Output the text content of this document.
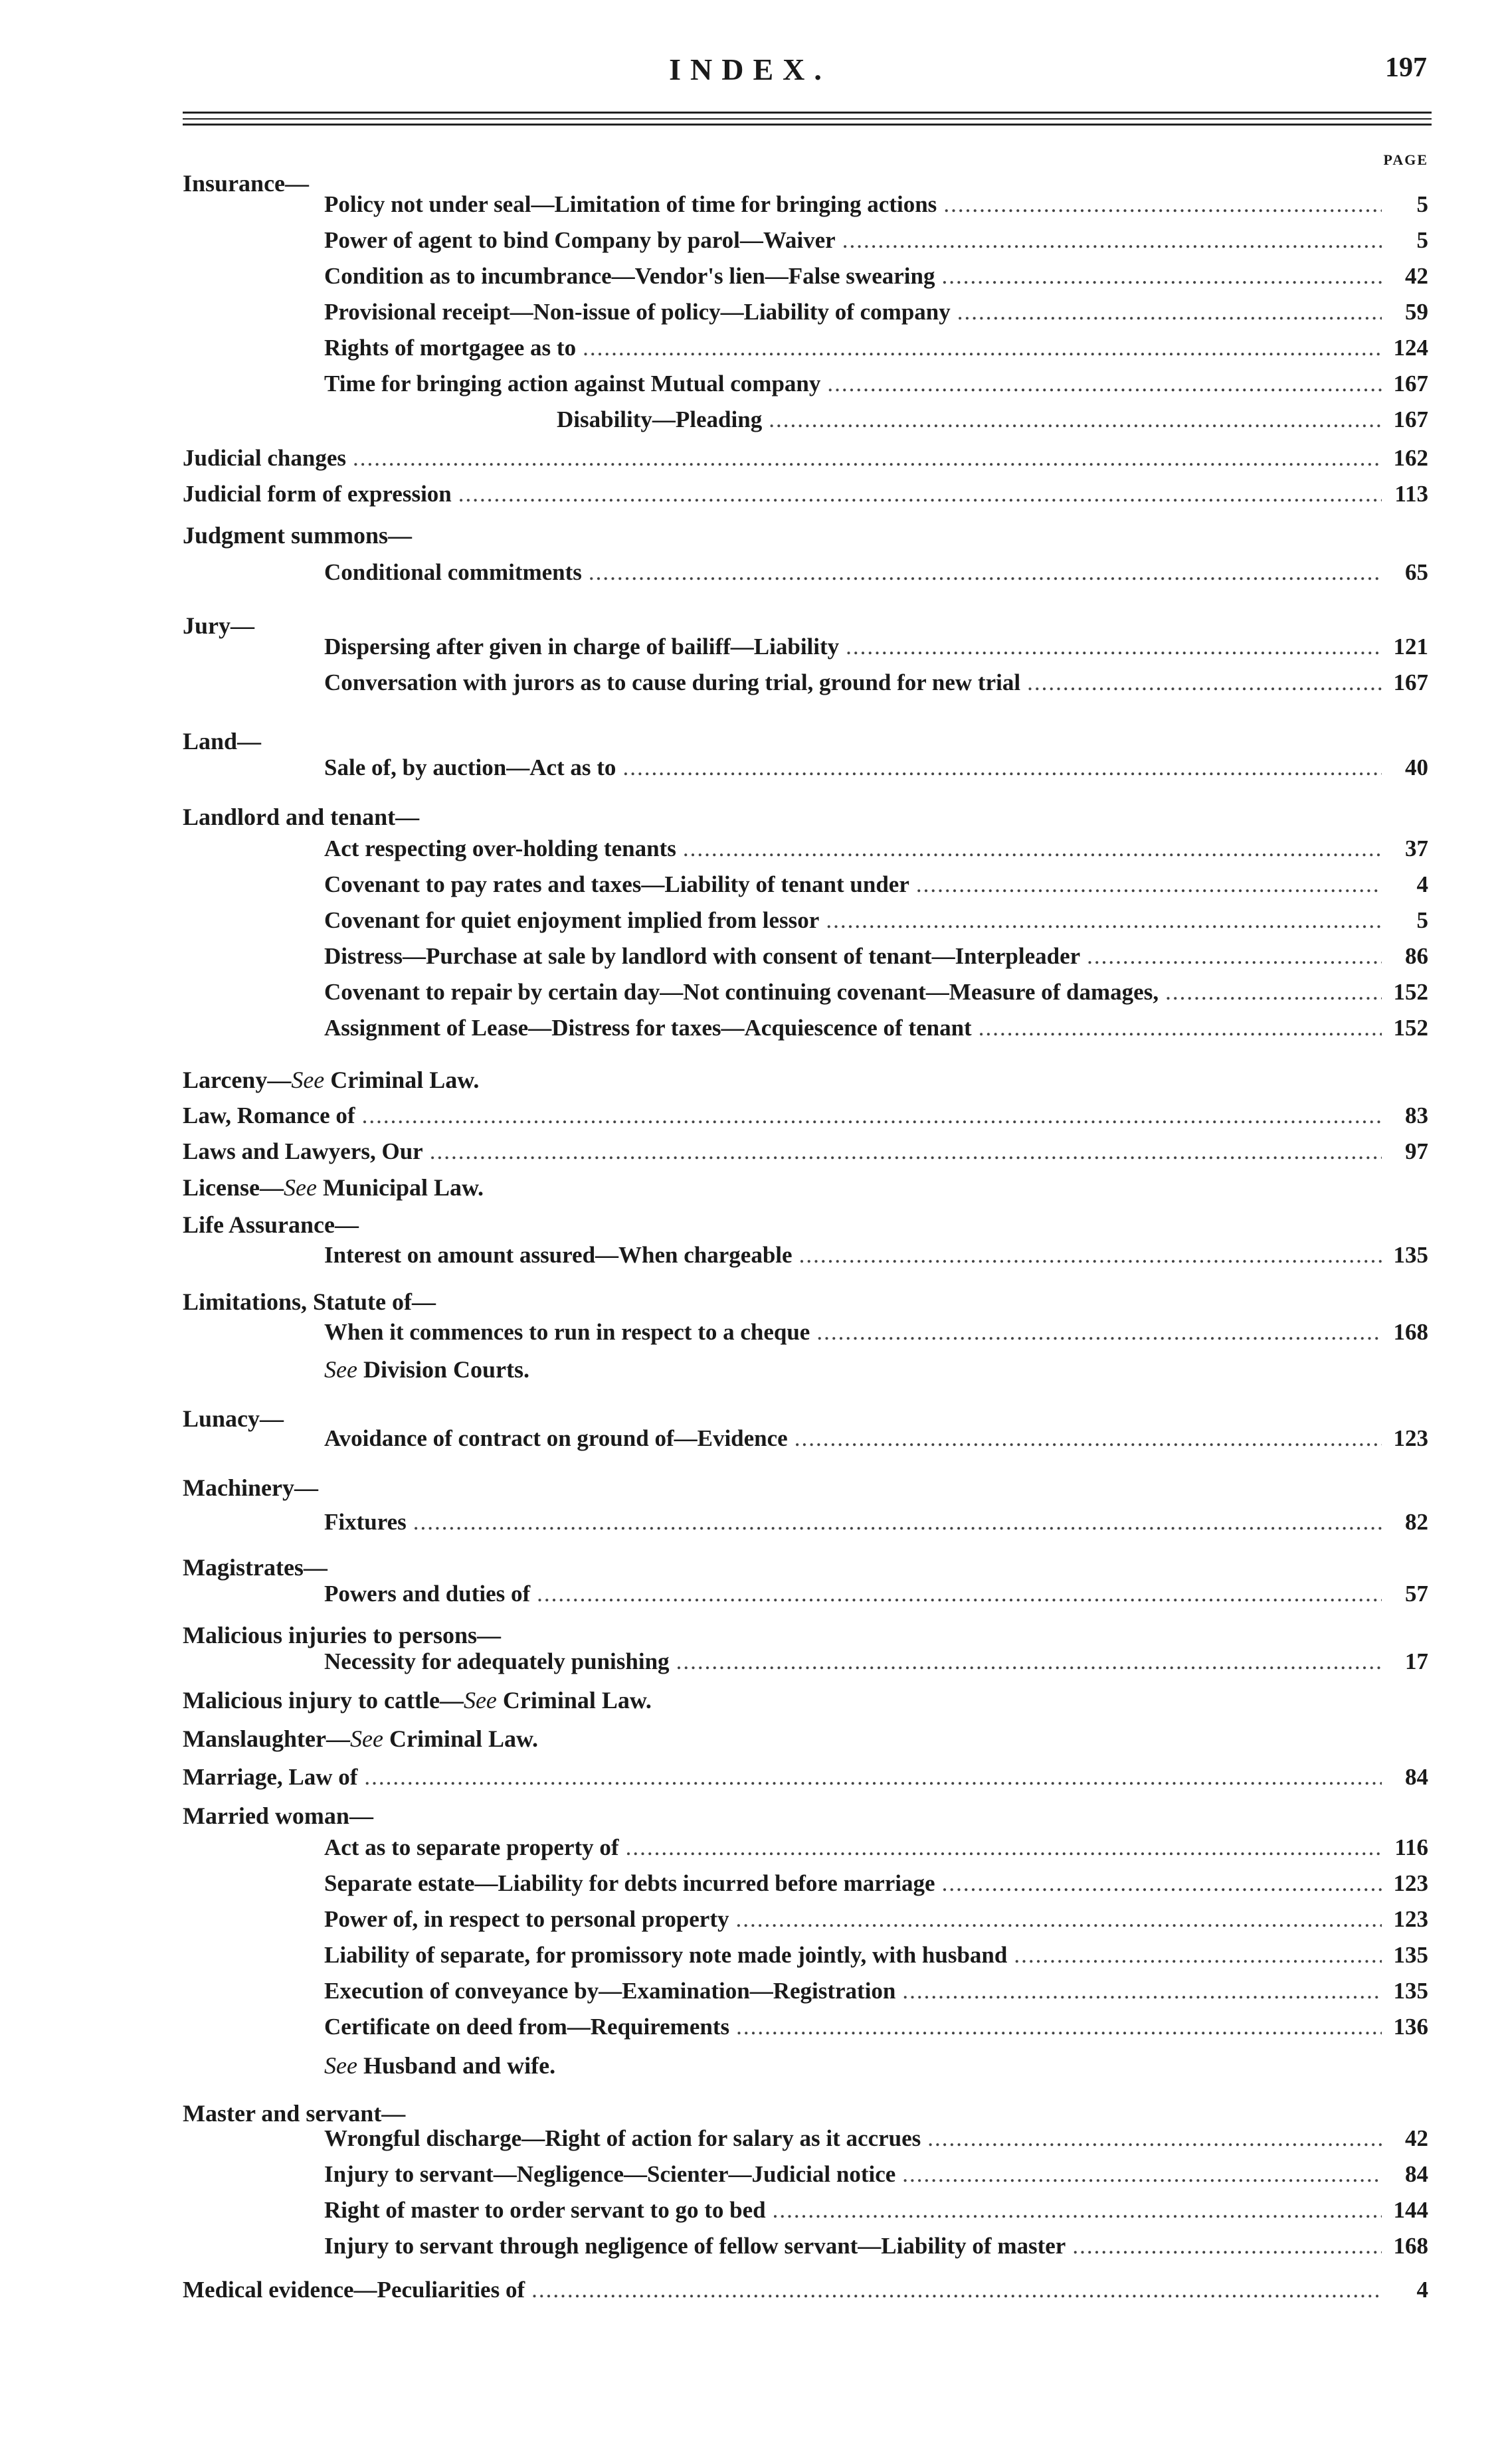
INDEX.	197
PAGE
Insurance—
Policy not under seal—Limitation of time for bringing actions .....	5
Power of agent to bind Company by parol—Waiver .....	5
Condition as to incumbrance—Vendor's lien—False swearing .....	42
Provisional receipt—Non-issue of policy—Liability of company .....	59
Rights of mortgagee as to .....	124
Time for bringing action against Mutual company .....	167
Disability—Pleading .....	167
Judicial changes .....	162
Judicial form of expression .....	113
Judgment summons—
Conditional commitments .....	65
Jury—
Dispersing after given in charge of bailiff—Liability .....	121
Conversation with jurors as to cause during trial, ground for new trial .....	167
Land—
Sale of, by auction—Act as to .....	40
Landlord and tenant—
Act respecting over-holding tenants .....	37
Covenant to pay rates and taxes—Liability of tenant under .....	4
Covenant for quiet enjoyment implied from lessor .....	5
Distress—Purchase at sale by landlord with consent of tenant—Interpleader .....	86
Covenant to repair by certain day—Not continuing covenant—Measure of damages, .....	152
Assignment of Lease—Distress for taxes—Acquiescence of tenant .....	152
Larceny—See Criminal Law.
Law, Romance of .....	83
Laws and Lawyers, Our .....	97
License—See Municipal Law.
Life Assurance—
Interest on amount assured—When chargeable .....	135
Limitations, Statute of—
When it commences to run in respect to a cheque .....	168
See Division Courts.
Lunacy—
Avoidance of contract on ground of—Evidence .....	123
Machinery—
Fixtures .....	82
Magistrates—
Powers and duties of .....	57
Malicious injuries to persons—
Necessity for adequately punishing .....	17
Malicious injury to cattle—See Criminal Law.
Manslaughter—See Criminal Law.
Marriage, Law of .....	84
Married woman—
Act as to separate property of .....	116
Separate estate—Liability for debts incurred before marriage .....	123
Power of, in respect to personal property .....	123
Liability of separate, for promissory note made jointly, with husband .....	135
Execution of conveyance by—Examination—Registration .....	135
Certificate on deed from—Requirements .....	136
See Husband and wife.
Master and servant—
Wrongful discharge—Right of action for salary as it accrues .....	42
Injury to servant—Negligence—Scienter—Judicial notice .....	84
Right of master to order servant to go to bed .....	144
Injury to servant through negligence of fellow servant—Liability of master .....	168
Medical evidence—Peculiarities of .....	4
